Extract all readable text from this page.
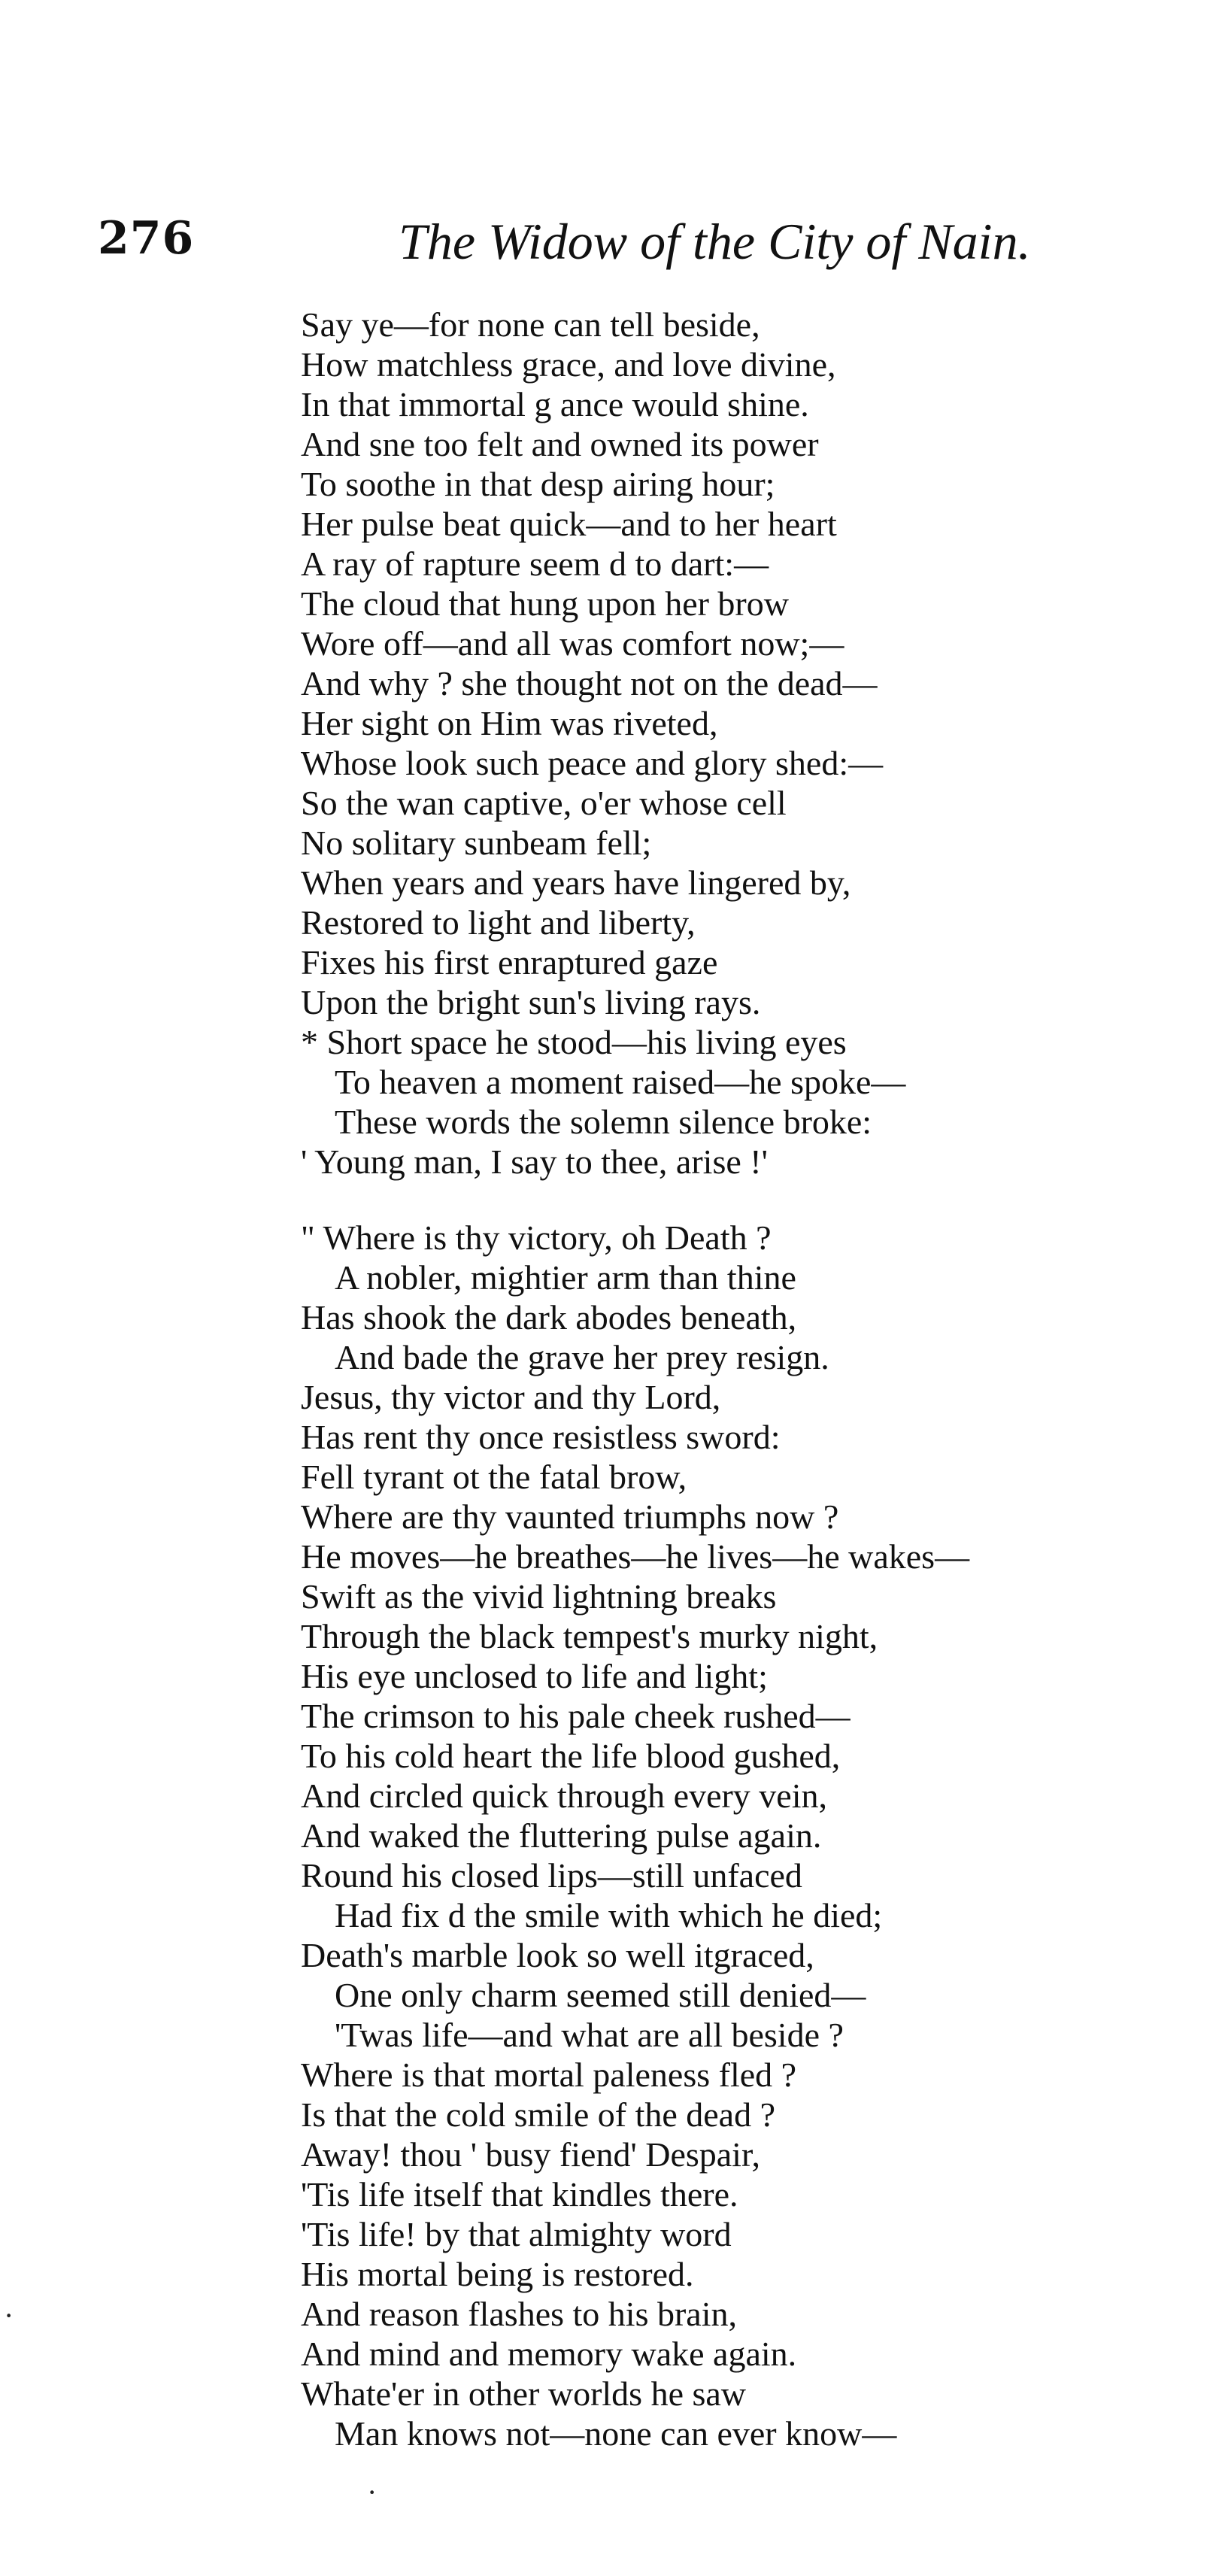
276	The Widow of the City of Nain.
Say ye—for none can tell beside,
How matchless grace, and love divine,
In that immortal g ance would shine.
And sne too felt and owned its power
To soothe in that desp airing hour;
Her pulse beat quick—and to her heart
A ray of rapture seem d to dart:—
The cloud that hung upon her brow
Wore off—and all was comfort now;—
And why ? she thought not on the dead—
Her sight on Him was riveted,
Whose look such peace and glory shed:—
So the wan captive, o'er whose cell
No solitary sunbeam fell;
When years and years have lingered by,
Restored to light and liberty,
Fixes his first enraptured gaze
Upon the bright sun's living rays.
* Short space he stood—his living eyes
To heaven a moment raised—he spoke—
These words the solemn silence broke:
' Young man, I say to thee, arise !'
" Where is thy victory, oh Death ?
A nobler, mightier arm than thine
Has shook the dark abodes beneath,
And bade the grave her prey resign.
Jesus, thy victor and thy Lord,
Has rent thy once resistless sword:
Fell tyrant ot the fatal brow,
Where are thy vaunted triumphs now ?
He moves—he breathes—he lives—he wakes—
Swift as the vivid lightning breaks
Through the black tempest's murky night,
His eye unclosed to life and light;
The crimson to his pale cheek rushed—
To his cold heart the life blood gushed,
And circled quick through every vein,
And waked the fluttering pulse again.
Round his closed lips—still unfaced
Had fix d the smile with which he died;
Death's marble look so well itgraced,
One only charm seemed still denied—
'Twas life—and what are all beside ?
Where is that mortal paleness fled ?
Is that the cold smile of the dead ?
Away! thou ' busy fiend' Despair,
'Tis life itself that kindles there.
'Tis life! by that almighty word
His mortal being is restored.
And reason flashes to his brain,
And mind and memory wake again.
Whate'er in other worlds he saw
Man knows not—none can ever know—
·
·
